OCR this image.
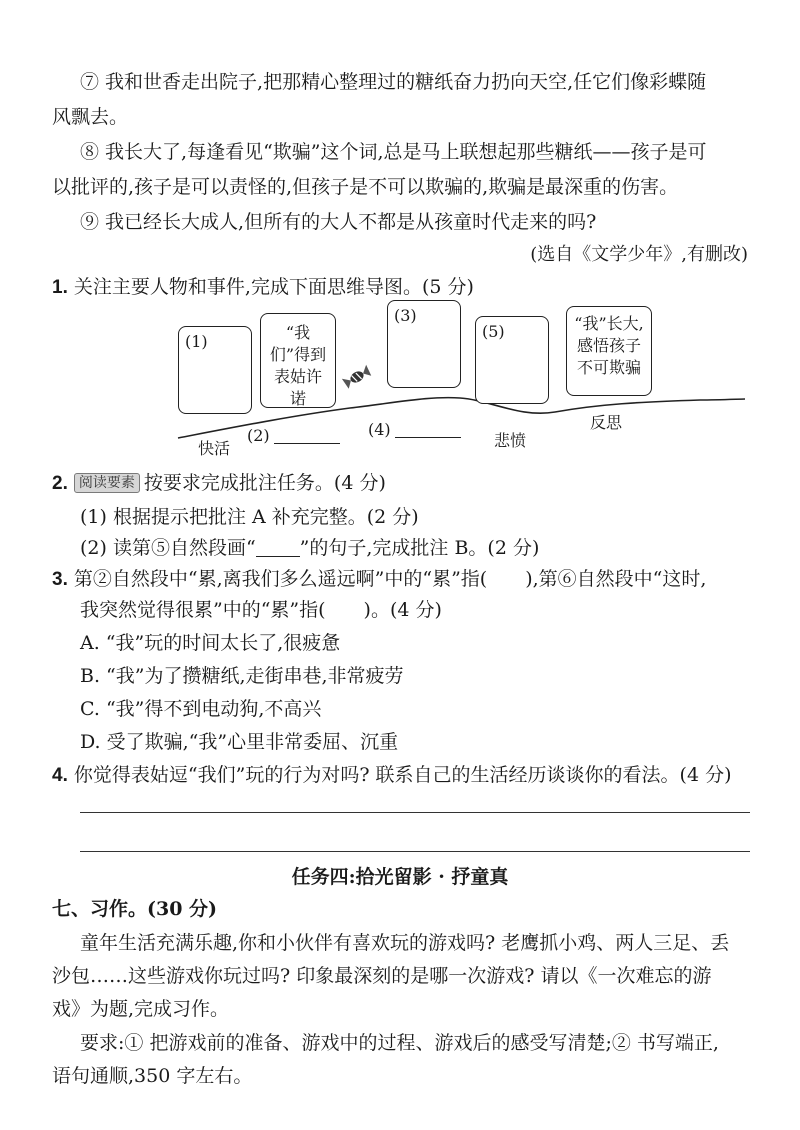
⑦ 我和世香走出院子,把那精心整理过的糖纸奋力扔向天空,任它们像彩蝶随
风飘去。
⑧ 我长大了,每逢看见“欺骗”这个词,总是马上联想起那些糖纸——孩子是可
以批评的,孩子是可以责怪的,但孩子是不可以欺骗的,欺骗是最深重的伤害。
⑨ 我已经长大成人,但所有的大人不都是从孩童时代走来的吗?
(选自《文学少年》,有删改)
1. 关注主要人物和事件,完成下面思维导图。(5 分)
(1)	“我们”得到表姑许诺
(3)
(5)	“我”长大,感悟孩子不可欺骗
快活
(2)	(4)
悲愤
反思
2. 阅读要素 按要求完成批注任务。(4 分)
(1) 根据提示把批注 A 补充完整。(2 分)
(2) 读第⑤自然段画“ ”的句子,完成批注 B。(2 分)
3. 第②自然段中“累,离我们多么遥远啊”中的“累”指(　　),第⑥自然段中“这时,
我突然觉得很累”中的“累”指(　　)。(4 分)
A. “我”玩的时间太长了,很疲惫
B. “我”为了攒糖纸,走街串巷,非常疲劳
C. “我”得不到电动狗,不高兴
D. 受了欺骗,“我”心里非常委屈、沉重
4. 你觉得表姑逗“我们”玩的行为对吗? 联系自己的生活经历谈谈你的看法。(4 分)
任务四:拾光留影 · 抒童真
七、习作。(30 分)
童年生活充满乐趣,你和小伙伴有喜欢玩的游戏吗? 老鹰抓小鸡、两人三足、丢
沙包……这些游戏你玩过吗? 印象最深刻的是哪一次游戏? 请以《一次难忘的游
戏》为题,完成习作。
要求:① 把游戏前的准备、游戏中的过程、游戏后的感受写清楚;② 书写端正,
语句通顺,350 字左右。
